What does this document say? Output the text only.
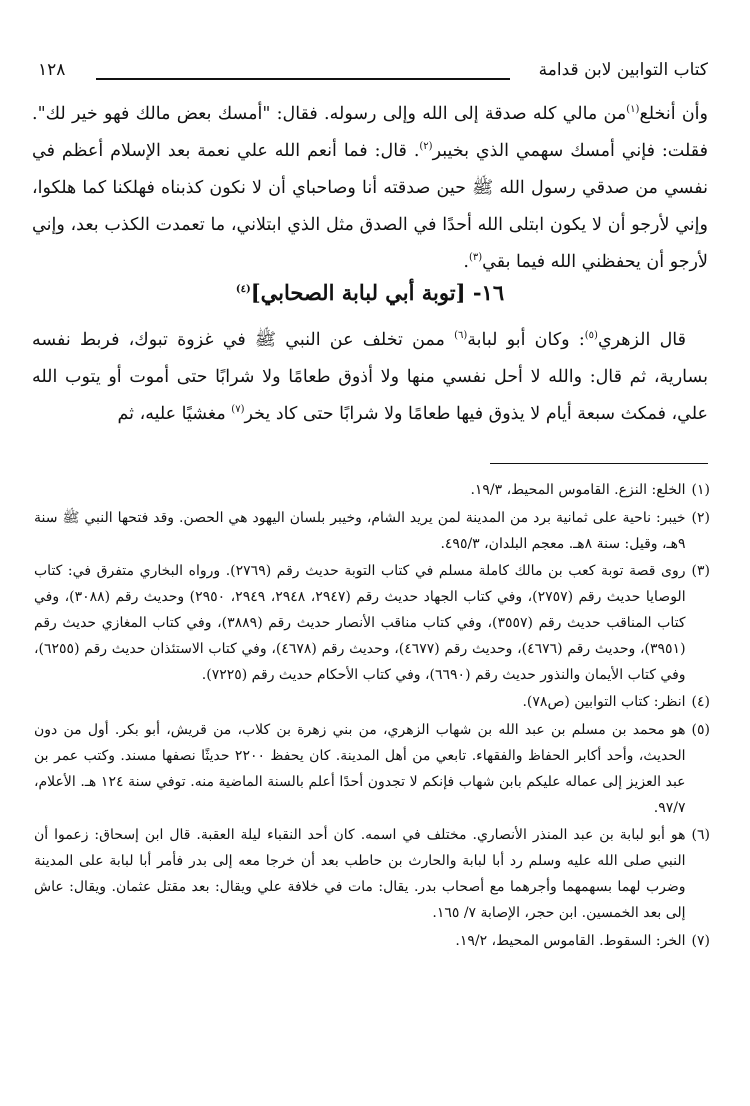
كتاب التوابين لابن قدامة
١٢٨

وأن أنخلع$^{(١)}$من مالي كله صدقة إلى الله وإلى رسوله. فقال: "أمسك بعض مالك فهو خير لك". فقلت: فإني أمسك سهمي الذي بخيبر$^{(٢)}$. قال: فما أنعم الله علي نعمة بعد الإسلام أعظم في نفسي من صدقي رسول الله ﷺ حين صدقته أنا وصاحباي أن لا نكون كذبناه فهلكنا كما هلكوا، وإني لأرجو أن لا يكون ابتلى الله أحدًا في الصدق مثل الذي ابتلاني، ما تعمدت الكذب بعد، وإني لأرجو أن يحفظني الله فيما بقي$^{(٣)}$.

١٦- [توبة أبي لبابة الصحابي]$^{(٤)}$

قال الزهري$^{(٥)}$: وكان أبو لبابة$^{(٦)}$ ممن تخلف عن النبي ﷺ في غزوة تبوك، فربط نفسه بسارية، ثم قال: والله لا أحل نفسي منها ولا أذوق طعامًا ولا شرابًا حتى أموت أو يتوب الله علي، فمكث سبعة أيام لا يذوق فيها طعامًا ولا شرابًا حتى كاد يخر$^{(٧)}$ مغشيًا عليه، ثم

(١)
الخلع: النزع. القاموس المحيط، ١٩/٣.
(٢)
خيبر: ناحية على ثمانية برد من المدينة لمن يريد الشام، وخيبر بلسان اليهود هي الحصن. وقد فتحها النبي ﷺ سنة ٩هـ، وقيل: سنة ٨هـ. معجم البلدان، ٤٩٥/٣.
(٣)
روى قصة توبة كعب بن مالك كاملة مسلم في كتاب التوبة حديث رقم (٢٧٦٩). ورواه البخاري متفرق في: كتاب الوصايا حديث رقم (٢٧٥٧)، وفي كتاب الجهاد حديث رقم (٢٩٤٧، ٢٩٤٨، ٢٩٤٩، ٢٩٥٠) وحديث رقم (٣٠٨٨)، وفي كتاب المناقب حديث رقم (٣٥٥٧)، وفي كتاب مناقب الأنصار حديث رقم (٣٨٨٩)، وفي كتاب المغازي حديث رقم (٣٩٥١)، وحديث رقم (٤٦٧٦)، وحديث رقم (٤٦٧٧)، وحديث رقم (٤٦٧٨)، وفي كتاب الاستئذان حديث رقم (٦٢٥٥)، وفي كتاب الأيمان والنذور حديث رقم (٦٦٩٠)، وفي كتاب الأحكام حديث رقم (٧٢٢٥).
(٤)
انظر: كتاب التوابين (ص٧٨).
(٥)
هو محمد بن مسلم بن عبد الله بن شهاب الزهري، من بني زهرة بن كلاب، من قريش، أبو بكر. أول من دون الحديث، وأحد أكابر الحفاظ والفقهاء. تابعي من أهل المدينة. كان يحفظ ٢٢٠٠ حديثًا نصفها مسند. وكتب عمر بن عبد العزيز إلى عماله عليكم بابن شهاب فإنكم لا تجدون أحدًا أعلم بالسنة الماضية منه. توفي سنة ١٢٤ هـ. الأعلام، ٩٧/٧.
(٦)
هو أبو لبابة بن عبد المنذر الأنصاري. مختلف في اسمه. كان أحد النقباء ليلة العقبة. قال ابن إسحاق: زعموا أن النبي صلى الله عليه وسلم رد أبا لبابة والحارث بن حاطب بعد أن خرجا معه إلى بدر فأمر أبا لبابة على المدينة وضرب لهما بسهمهما وأجرهما مع أصحاب بدر. يقال: مات في خلافة علي ويقال: بعد مقتل عثمان. ويقال: عاش إلى بعد الخمسين. ابن حجر، الإصابة ٧/ ١٦٥.
(٧)
الخر: السقوط. القاموس المحيط، ١٩/٢.
